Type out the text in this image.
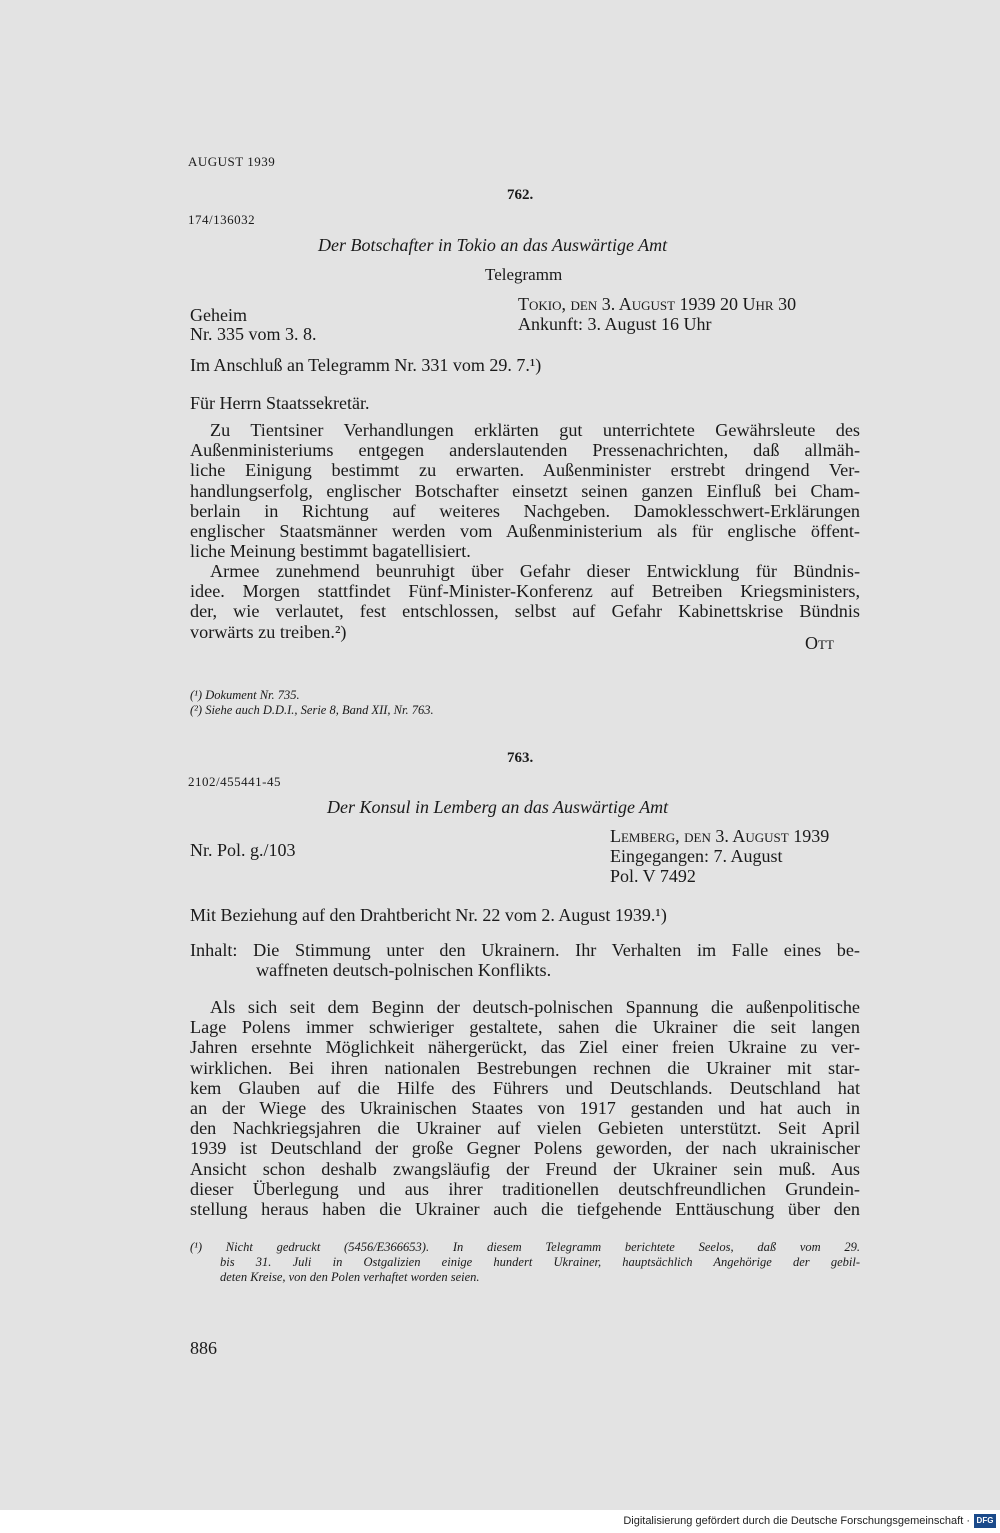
AUGUST 1939
762.
174/136032
Der Botschafter in Tokio an das Auswärtige Amt
Telegramm
Geheim
Nr. 335 vom 3. 8.
Tokio, den 3. August 1939 20 Uhr 30
Ankunft: 3. August 16 Uhr
Im Anschluß an Telegramm Nr. 331 vom 29. 7.¹)
Für Herrn Staatssekretär.
Zu Tientsiner Verhandlungen erklärten gut unterrichtete Gewährsleute des
Außenministeriums entgegen anderslautenden Pressenachrichten, daß allmäh-
liche Einigung bestimmt zu erwarten. Außenminister erstrebt dringend Ver-
handlungserfolg, englischer Botschafter einsetzt seinen ganzen Einfluß bei Cham-
berlain in Richtung auf weiteres Nachgeben. Damoklesschwert-Erklärungen
englischer Staatsmänner werden vom Außenministerium als für englische öffent-
liche Meinung bestimmt bagatellisiert.
Armee zunehmend beunruhigt über Gefahr dieser Entwicklung für Bündnis-
idee. Morgen stattfindet Fünf-Minister-Konferenz auf Betreiben Kriegsministers,
der, wie verlautet, fest entschlossen, selbst auf Gefahr Kabinettskrise Bündnis
vorwärts zu treiben.²)
Ott
(¹) Dokument Nr. 735.
(²) Siehe auch D.D.I., Serie 8, Band XII, Nr. 763.
763.
2102/455441-45
Der Konsul in Lemberg an das Auswärtige Amt
Nr. Pol. g./103
Lemberg, den 3. August 1939
Eingegangen: 7. August
Pol. V 7492
Mit Beziehung auf den Drahtbericht Nr. 22 vom 2. August 1939.¹)
Inhalt: Die Stimmung unter den Ukrainern. Ihr Verhalten im Falle eines be-
waffneten deutsch-polnischen Konflikts.
Als sich seit dem Beginn der deutsch-polnischen Spannung die außenpolitische
Lage Polens immer schwieriger gestaltete, sahen die Ukrainer die seit langen
Jahren ersehnte Möglichkeit nähergerückt, das Ziel einer freien Ukraine zu ver-
wirklichen. Bei ihren nationalen Bestrebungen rechnen die Ukrainer mit star-
kem Glauben auf die Hilfe des Führers und Deutschlands. Deutschland hat
an der Wiege des Ukrainischen Staates von 1917 gestanden und hat auch in
den Nachkriegsjahren die Ukrainer auf vielen Gebieten unterstützt. Seit April
1939 ist Deutschland der große Gegner Polens geworden, der nach ukrainischer
Ansicht schon deshalb zwangsläufig der Freund der Ukrainer sein muß. Aus
dieser Überlegung und aus ihrer traditionellen deutschfreundlichen Grundein-
stellung heraus haben die Ukrainer auch die tiefgehende Enttäuschung über den
(¹) Nicht gedruckt (5456/E366653). In diesem Telegramm berichtete Seelos, daß vom 29.
bis 31. Juli in Ostgalizien einige hundert Ukrainer, hauptsächlich Angehörige der gebil-
deten Kreise, von den Polen verhaftet worden seien.
886
Digitalisierung gefördert durch die Deutsche Forschungsgemeinschaft · DFG
